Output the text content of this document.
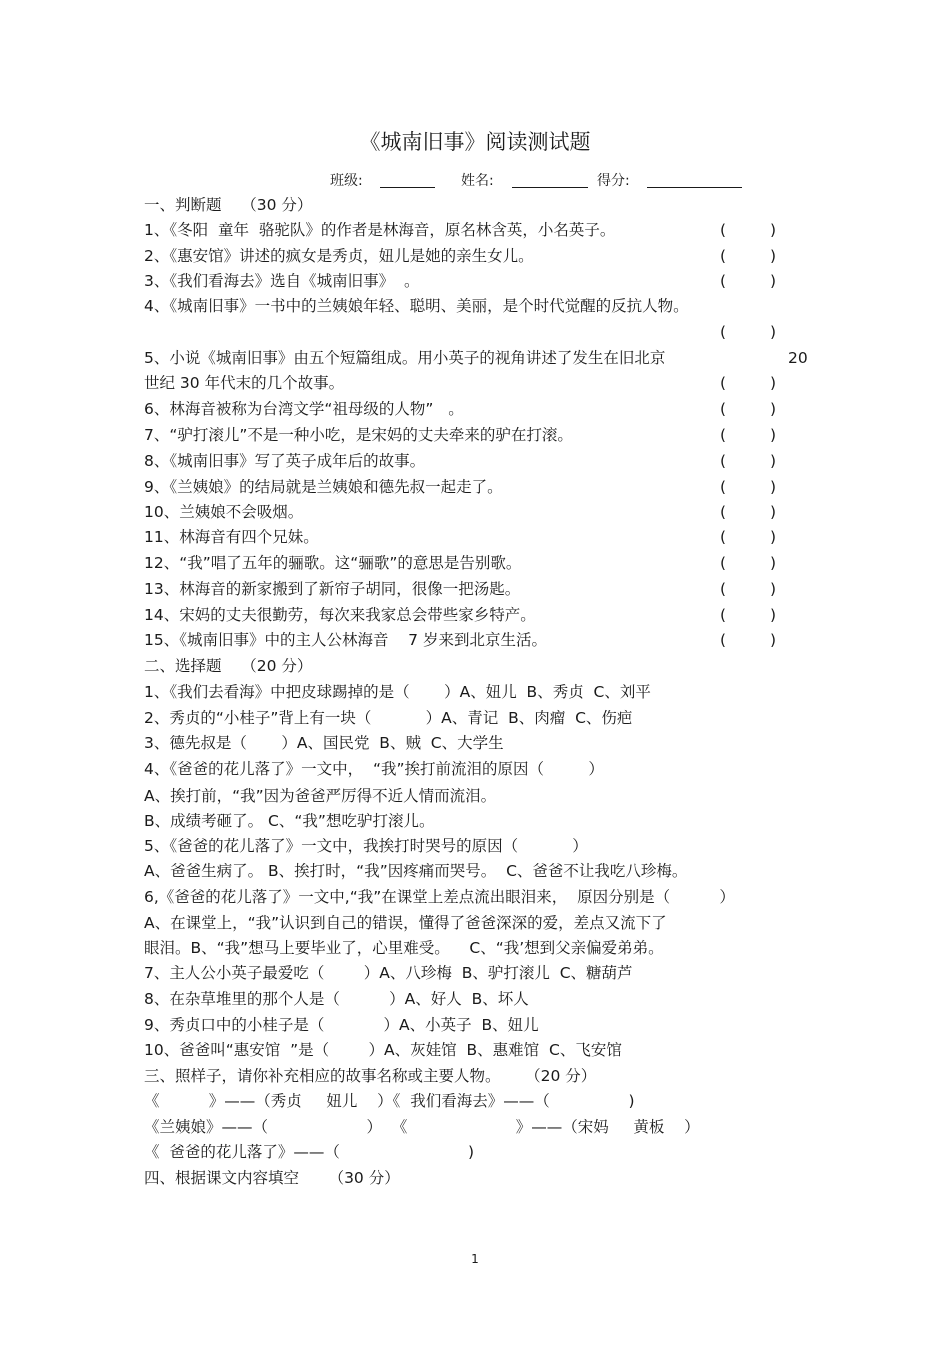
《城南旧事》阅读测试题
班级:	姓名:	得分:
一、判断题    （30 分）
1、《冬阳  童年  骆驼队》的作者是林海音，原名林含英，小名英子。	(	)
2、《惠安馆》讲述的疯女是秀贞，妞儿是她的亲生女儿。	(	)
3、《我们看海去》选自《城南旧事》  。	(	)
4、《城南旧事》一书中的兰姨娘年轻、聪明、美丽，是个时代觉醒的反抗人物。
(	)
5、小说《城南旧事》由五个短篇组成。用小英子的视角讲述了发生在旧北京	20
世纪 30 年代末的几个故事。	(	)
6、林海音被称为台湾文学“祖母级的人物”   。	(	)
7、“驴打滚儿”不是一种小吃，是宋妈的丈夫牵来的驴在打滚。	(	)
8、《城南旧事》写了英子成年后的故事。	(	)
9、《兰姨娘》的结局就是兰姨娘和德先叔一起走了。	(	)
10、兰姨娘不会吸烟。	(	)
11、林海音有四个兄妹。	(	)
12、“我”唱了五年的骊歌。这“骊歌”的意思是告别歌。	(	)
13、林海音的新家搬到了新帘子胡同，很像一把汤匙。	(	)
14、宋妈的丈夫很勤劳，每次来我家总会带些家乡特产。	(	)
15、《城南旧事》中的主人公林海音    7 岁来到北京生活。	(	)
二、选择题    （20 分）
1、《我们去看海》中把皮球踢掉的是（       ）A、妞儿  B、秀贞  C、刘平
2、秀贞的“小桂子”背上有一块（           ）A、青记  B、肉瘤  C、伤疤
3、德先叔是（       ）A、国民党  B、贼  C、大学生
4、《爸爸的花儿落了》一文中，  “我”挨打前流泪的原因（         ）
A、挨打前，“我”因为爸爸严厉得不近人情而流泪。
B、成绩考砸了。 C、“我”想吃驴打滚儿。
5、《爸爸的花儿落了》一文中，我挨打时哭号的原因（           ）
A、爸爸生病了。 B、挨打时，“我”因疼痛而哭号。  C、爸爸不让我吃八珍梅。
6,《爸爸的花儿落了》一文中,“我”在课堂上差点流出眼泪来，  原因分别是（          ）
A、在课堂上，“我”认识到自己的错误，懂得了爸爸深深的爱，差点又流下了
眼泪。B、“我”想马上要毕业了，心里难受。    C、“我’想到父亲偏爱弟弟。
7、主人公小英子最爱吃（        ）A、八珍梅  B、驴打滚儿  C、糖葫芦
8、在杂草堆里的那个人是（          ）A、好人  B、坏人
9、秀贞口中的小桂子是（            ）A、小英子  B、妞儿
10、爸爸叫“惠安馆  ”是（        ）A、灰娃馆  B、惠难馆  C、飞安馆
三、照样子，请你补充相应的故事名称或主要人物。     （20 分）
《          》——（秀贞     妞儿    ）《  我们看海去》——（                )
《兰姨娘》——（                    ）  《                      》——（宋妈     黄板    ）
《  爸爸的花儿落了》——（                          )
四、根据课文内容填空      （30 分）
1
